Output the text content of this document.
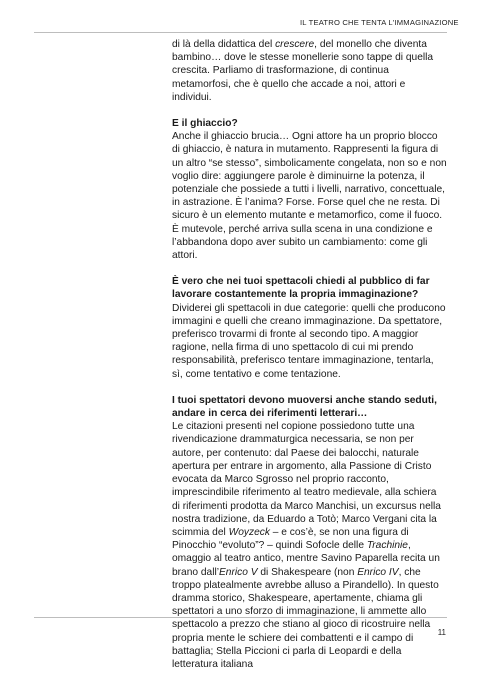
IL TEATRO CHE TENTA L'IMMAGINAZIONE

di là della didattica del crescere, del monello che diventa bambino… dove le stesse monellerie sono tappe di quella crescita. Parliamo di trasformazione, di continua metamorfosi, che è quello che accade a noi, attori e individui.

E il ghiaccio?

Anche il ghiaccio brucia… Ogni attore ha un proprio blocco di ghiaccio, è natura in mutamento. Rappresenti la figura di un altro “se stesso”, simbolicamente congelata, non so e non voglio dire: aggiungere parole è diminuirne la potenza, il potenziale che possiede a tutti i livelli, narrativo, concettuale, in astrazione. È l’anima? Forse. Forse quel che ne resta. Di sicuro è un elemento mutante e metamorfico, come il fuoco. È mutevole, perché arriva sulla scena in una condizione e l’abbandona dopo aver subito un cambiamento: come gli attori.

È vero che nei tuoi spettacoli chiedi al pubblico di far lavorare costantemente la propria immaginazione?

Dividerei gli spettacoli in due categorie: quelli che producono immagini e quelli che creano immaginazione. Da spettatore, preferisco trovarmi di fronte al secondo tipo. A maggior ragione, nella firma di uno spettacolo di cui mi prendo responsabilità, preferisco tentare immaginazione, tentarla, sì, come tentativo e come tentazione.

I tuoi spettatori devono muoversi anche stando seduti, andare in cerca dei riferimenti letterari…

Le citazioni presenti nel copione possiedono tutte una rivendicazione drammaturgica necessaria, se non per autore, per contenuto: dal Paese dei balocchi, naturale apertura per entrare in argomento, alla Passione di Cristo evocata da Marco Sgrosso nel proprio racconto, imprescindibile riferimento al teatro medievale, alla schiera di riferimenti prodotta da Marco Manchisi, un excursus nella nostra tradizione, da Eduardo a Totò; Marco Vergani cita la scimmia del Woyzeck – e cos’è, se non una figura di Pinocchio “evoluto”? – quindi Sofocle delle Trachinie, omaggio al teatro antico, mentre Savino Paparella recita un brano dall’Enrico V di Shakespeare (non Enrico IV, che troppo platealmente avrebbe alluso a Pirandello). In questo dramma storico, Shakespeare, apertamente, chiama gli spettatori a uno sforzo di immaginazione, li ammette allo spettacolo a prezzo che stiano al gioco di ricostruire nella propria mente le schiere dei combattenti e il campo di battaglia; Stella Piccioni ci parla di Leopardi e della letteratura italiana

11
